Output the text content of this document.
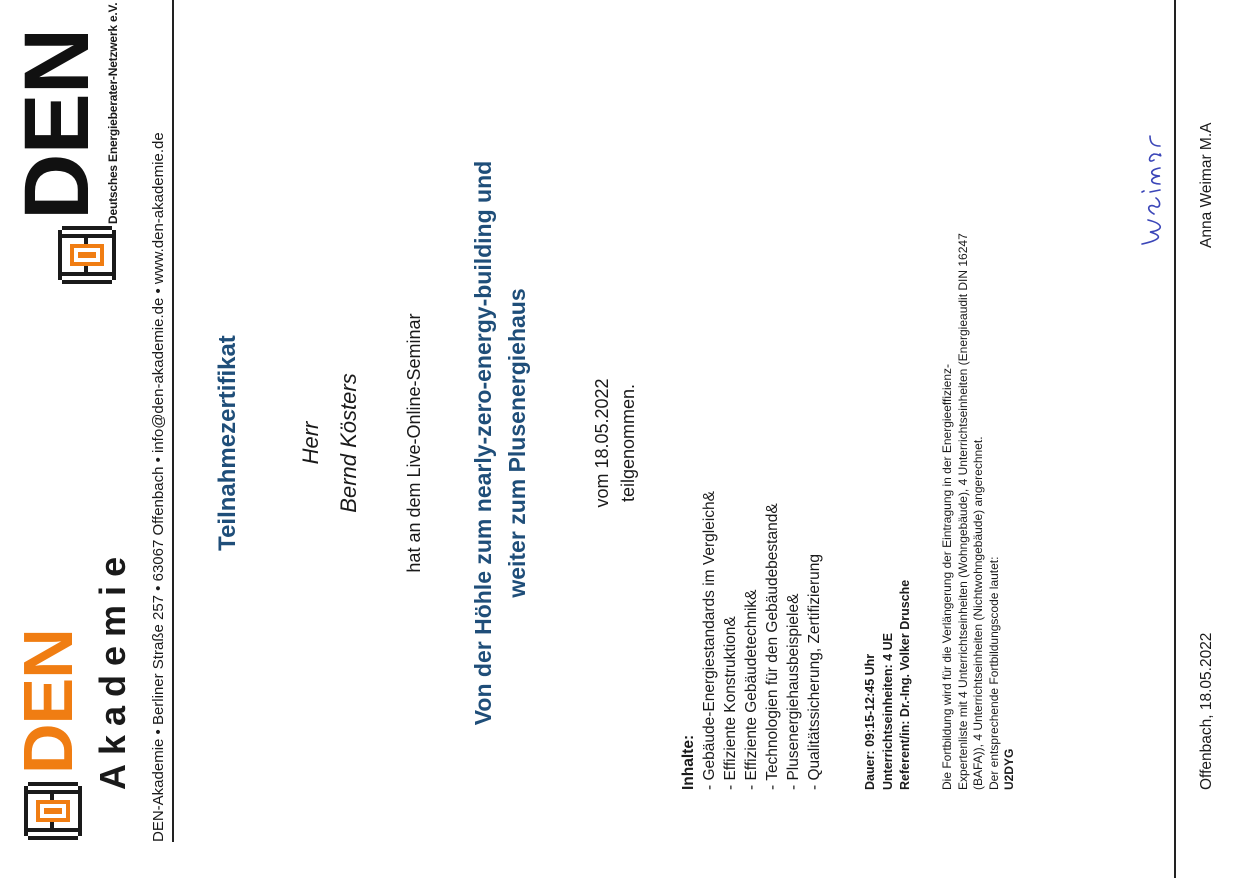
DEN Akademie
DEN
Deutsches Energieberater-Netzwerk e.V.
DEN-Akademie • Berliner Straße 257 • 63067 Offenbach • info@den-akademie.de • www.den-akademie.de Teilnahmezertifikat	Herr Bernd Kösters hat an dem Live-Online-Seminar Von der Höhle zum nearly-zero-energy-building und weiter zum Plusenergiehaus	vom 18.05.2022 teilgenommen.
Inhalte: - Gebäude-Energiestandards im Vergleich& - Effiziente Konstruktion& - Effiziente Gebäudetechnik& - Technologien für den Gebäudebestand& - Plusenergiehausbeispiele& - Qualitätssicherung, Zertifizierung	Dauer: 09:15-12:45 Uhr Unterrichtseinheiten: 4 UE Referent/in: Dr.-Ing. Volker Drusche Die Fortbildung wird für die Verlängerung der Eintragung in der Energieeffizienz- Expertenliste mit 4 Unterrichtseinheiten (Wohngebäude), 4 Unterrichtseinheiten (Energieaudit DIN 16247 (BAFA)), 4 Unterrichtseinheiten (Nichtwohngebäude) angerechnet. Der entsprechende Fortbildungscode lautet: U2DYG	Offenbach, 18.05.2022
Anna Weimar M.A
